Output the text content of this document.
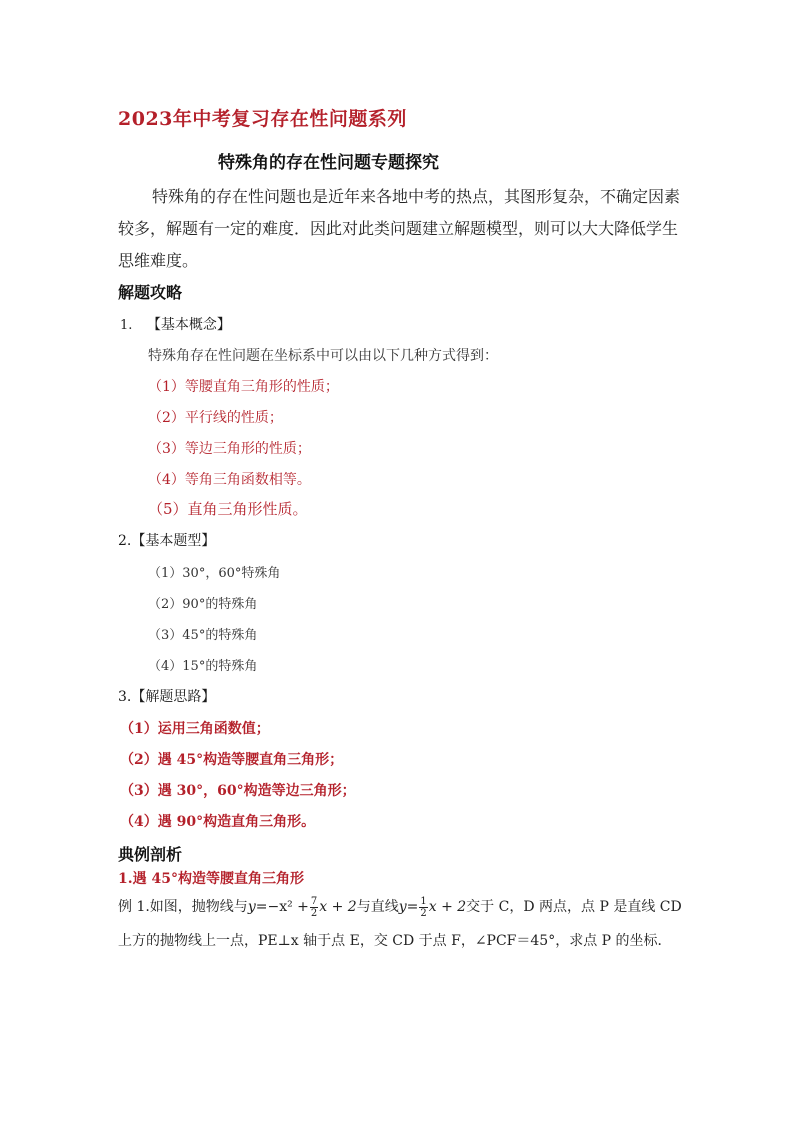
2023年中考复习存在性问题系列
特殊角的存在性问题专题探究
特殊角的存在性问题也是近年来各地中考的热点，其图形复杂，不确定因素较多，解题有一定的难度．因此对此类问题建立解题模型，则可以大大降低学生思维难度。
解题攻略
1. 【基本概念】
特殊角存在性问题在坐标系中可以由以下几种方式得到：
（1）等腰直角三角形的性质；
（2）平行线的性质；
（3）等边三角形的性质；
（4）等角三角函数相等。
（5）直角三角形性质。
2.【基本题型】
（1）30°，60°特殊角
（2）90°的特殊角
（3）45°的特殊角
（4）15°的特殊角
3.【解题思路】
（1）运用三角函数值；
（2）遇 45°构造等腰直角三角形；
（3）遇 30°，60°构造等边三角形；
（4）遇 90°构造直角三角形。
典例剖析
1.遇 45°构造等腰直角三角形
例 1.如图，抛物线与$y=-x^2 + \frac{7}{2}$ x + 2与直线$y= \frac{1}{2}$ x + 2交于 C，D 两点，点 P 是直线 CD
上方的抛物线上一点，PE⊥x 轴于点 E，交 CD 于点 F，∠PCF＝45°，求点 P 的坐标．
